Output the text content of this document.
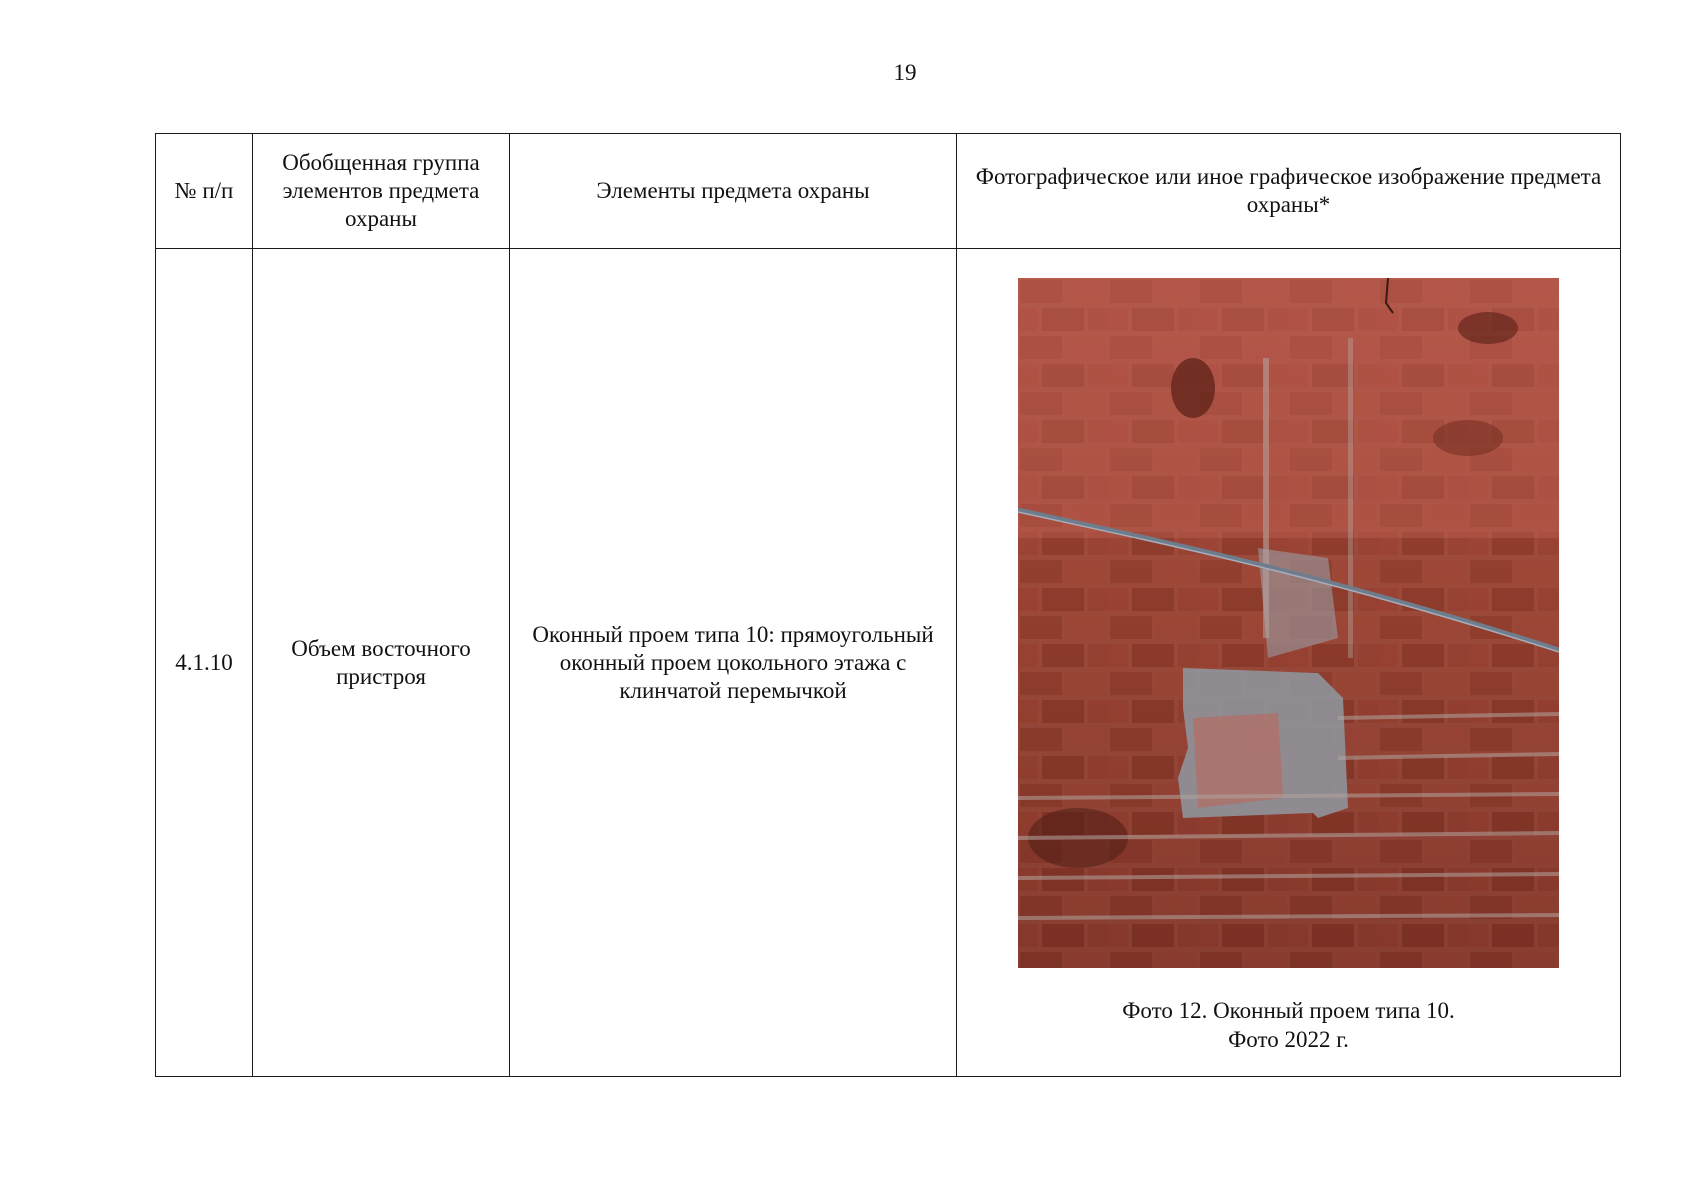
19
№ п/п	Обобщенная группа элементов предмета охраны	Элементы предмета охраны	Фотографическое или иное графическое изображение предмета охраны*
4.1.10	Объем восточного пристроя	Оконный проем типа 10: прямоугольный оконный проем цокольного этажа с клинчатой перемычкой	Фото 12. Оконный проем типа 10.
Фото 2022 г.
